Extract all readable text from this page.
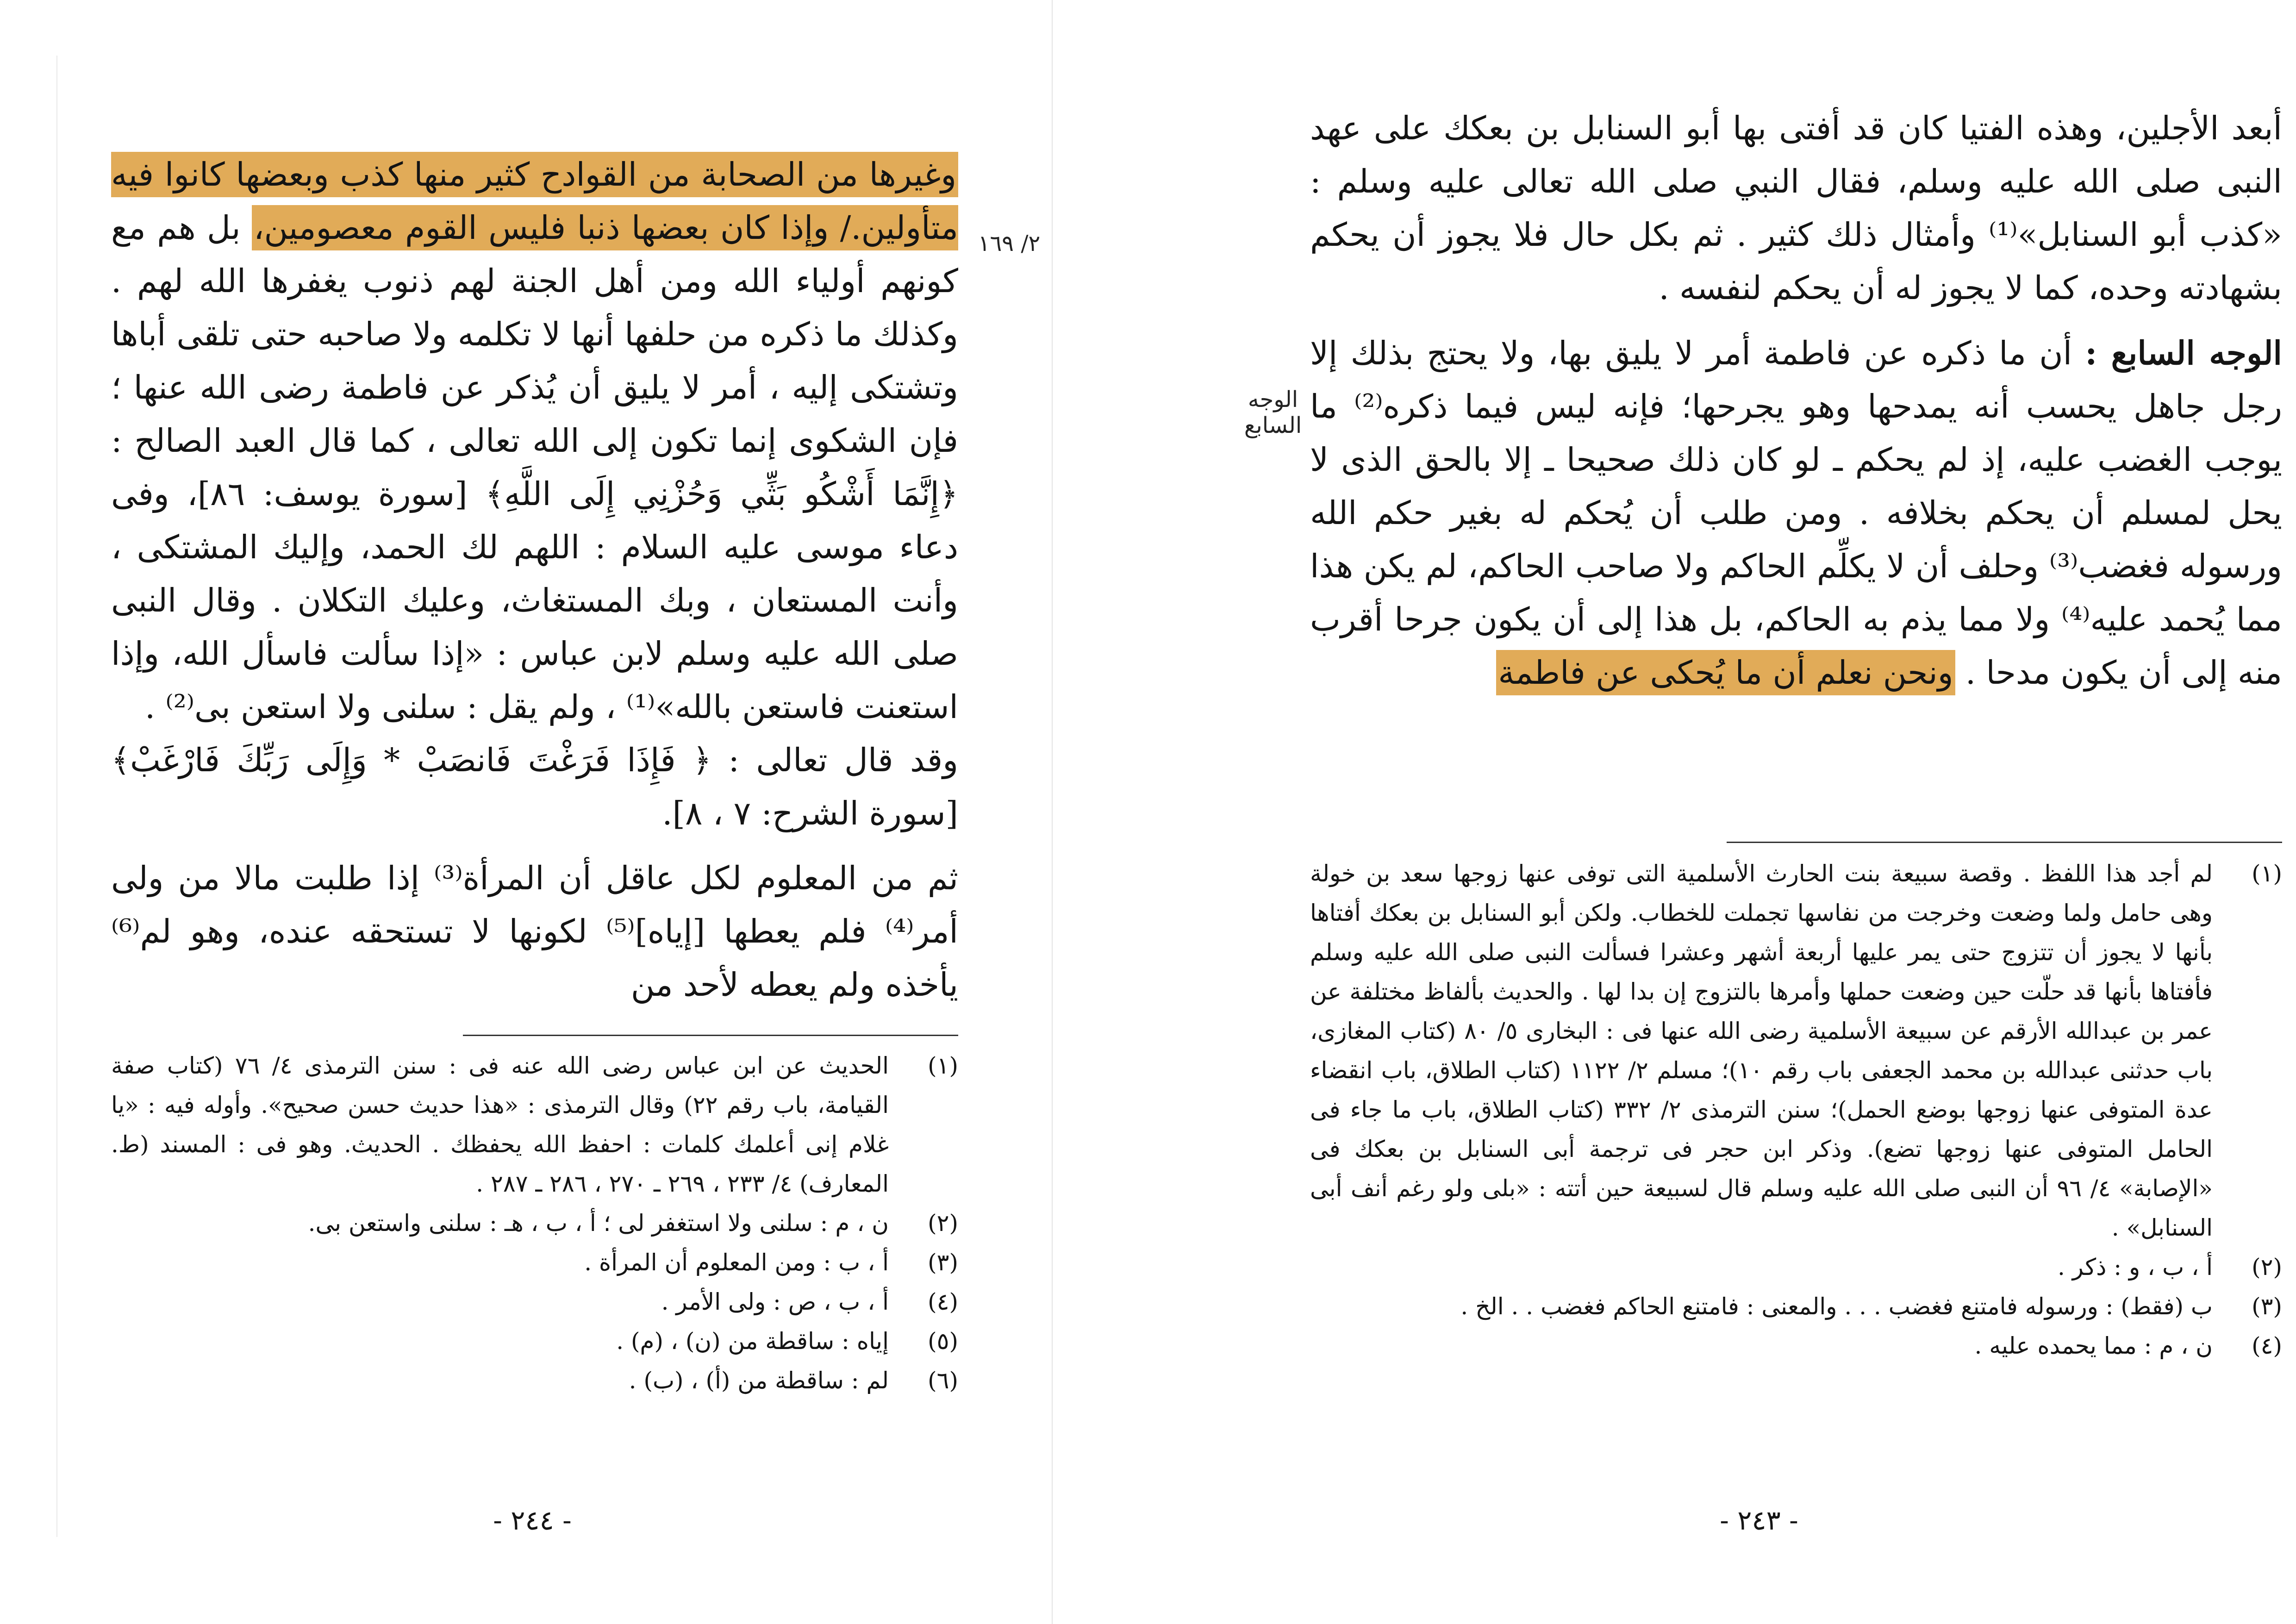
٢/ ١٦٩

وغيرها من الصحابة من القوادح كثير منها كذب وبعضها كانوا فيه متأولين./ وإذا كان بعضها ذنبا فليس القوم معصومين، بل هم مع كونهم أولياء الله ومن أهل الجنة لهم ذنوب يغفرها الله لهم . وكذلك ما ذكره من حلفها أنها لا تكلمه ولا صاحبه حتى تلقى أباها وتشتكى إليه ، أمر لا يليق أن يُذكر عن فاطمة رضى الله عنها ؛ فإن الشكوى إنما تكون إلى الله تعالى ، كما قال العبد الصالح : ﴿إِنَّمَا أَشْكُو بَثِّي وَحُزْنِي إِلَى اللَّهِ﴾ [سورة يوسف: ٨٦]، وفى دعاء موسى عليه السلام : اللهم لك الحمد، وإليك المشتكى ، وأنت المستعان ، وبك المستغاث، وعليك التكلان . وقال النبى صلى الله عليه وسلم لابن عباس : «إذا سألت فاسأل الله، وإذا استعنت فاستعن بالله»⁽¹⁾ ، ولم يقل : سلنى ولا استعن بى⁽²⁾ .

وقد قال تعالى : ﴿ فَإِذَا فَرَغْتَ فَانصَبْ * وَإِلَى رَبِّكَ فَارْغَبْ﴾ [سورة الشرح: ٧ ، ٨].

ثم من المعلوم لكل عاقل أن المرأة⁽³⁾ إذا طلبت مالا من ولى أمر⁽⁴⁾ فلم يعطها [إياه]⁽⁵⁾ لكونها لا تستحقه عنده، وهو لم⁽⁶⁾ يأخذه ولم يعطه لأحد من

(١)
الحديث عن ابن عباس رضى الله عنه فى : سنن الترمذى ٤/ ٧٦ (كتاب صفة القيامة، باب رقم ٢٢) وقال الترمذى : «هذا حديث حسن صحيح». وأوله فيه : «يا غلام إنى أعلمك كلمات : احفظ الله يحفظك . الحديث. وهو فى : المسند (ط. المعارف) ٤/ ٢٣٣ ، ٢٦٩ ـ ٢٧٠ ، ٢٨٦ ـ ٢٨٧ .
(٢)
ن ، م : سلنى ولا استغفر لى ؛ أ ، ب ، هـ : سلنى واستعن بى.
(٣)
أ ، ب : ومن المعلوم أن المرأة .
(٤)
أ ، ب ، ص : ولى الأمر .
(٥)
إياه : ساقطة من (ن) ، (م) .
(٦)
لم : ساقطة من (أ) ، (ب) .
- ٢٤٤ -
الوجه السابع

أبعد الأجلين، وهذه الفتيا كان قد أفتى بها أبو السنابل بن بعكك على عهد النبى صلى الله عليه وسلم، فقال النبي صلى الله تعالى عليه وسلم : «كذب أبو السنابل»⁽¹⁾ وأمثال ذلك كثير . ثم بكل حال فلا يجوز أن يحكم بشهادته وحده، كما لا يجوز له أن يحكم لنفسه .

الوجه السابع : أن ما ذكره عن فاطمة أمر لا يليق بها، ولا يحتج بذلك إلا رجل جاهل يحسب أنه يمدحها وهو يجرحها؛ فإنه ليس فيما ذكره⁽²⁾ ما يوجب الغضب عليه، إذ لم يحكم ـ لو كان ذلك صحيحا ـ إلا بالحق الذى لا يحل لمسلم أن يحكم بخلافه . ومن طلب أن يُحكم له بغير حكم الله ورسوله فغضب⁽³⁾ وحلف أن لا يكلِّم الحاكم ولا صاحب الحاكم، لم يكن هذا مما يُحمد عليه⁽⁴⁾ ولا مما يذم به الحاكم، بل هذا إلى أن يكون جرحا أقرب منه إلى أن يكون مدحا . ونحن نعلم أن ما يُحكى عن فاطمة

(١)
لم أجد هذا اللفظ . وقصة سبيعة بنت الحارث الأسلمية التى توفى عنها زوجها سعد بن خولة وهى حامل ولما وضعت وخرجت من نفاسها تجملت للخطاب. ولكن أبو السنابل بن بعكك أفتاها بأنها لا يجوز أن تتزوج حتى يمر عليها أربعة أشهر وعشرا فسألت النبى صلى الله عليه وسلم فأفتاها بأنها قد حلّت حين وضعت حملها وأمرها بالتزوج إن بدا لها . والحديث بألفاظ مختلفة عن عمر بن عبدالله الأرقم عن سبيعة الأسلمية رضى الله عنها فى : البخارى ٥/ ٨٠ (كتاب المغازى، باب حدثنى عبدالله بن محمد الجعفى باب رقم ١٠)؛ مسلم ٢/ ١١٢٢ (كتاب الطلاق، باب انقضاء عدة المتوفى عنها زوجها بوضع الحمل)؛ سنن الترمذى ٢/ ٣٣٢ (كتاب الطلاق، باب ما جاء فى الحامل المتوفى عنها زوجها تضع). وذكر ابن حجر فى ترجمة أبى السنابل بن بعكك فى «الإصابة» ٤/ ٩٦ أن النبى صلى الله عليه وسلم قال لسبيعة حين أتته : «بلى ولو رغم أنف أبى السنابل» .
(٢)
أ ، ب ، و : ذكر .
(٣)
ب (فقط) : ورسوله فامتنع فغضب . . . والمعنى : فامتنع الحاكم فغضب . . الخ .
(٤)
ن ، م : مما يحمده عليه .
- ٢٤٣ -
